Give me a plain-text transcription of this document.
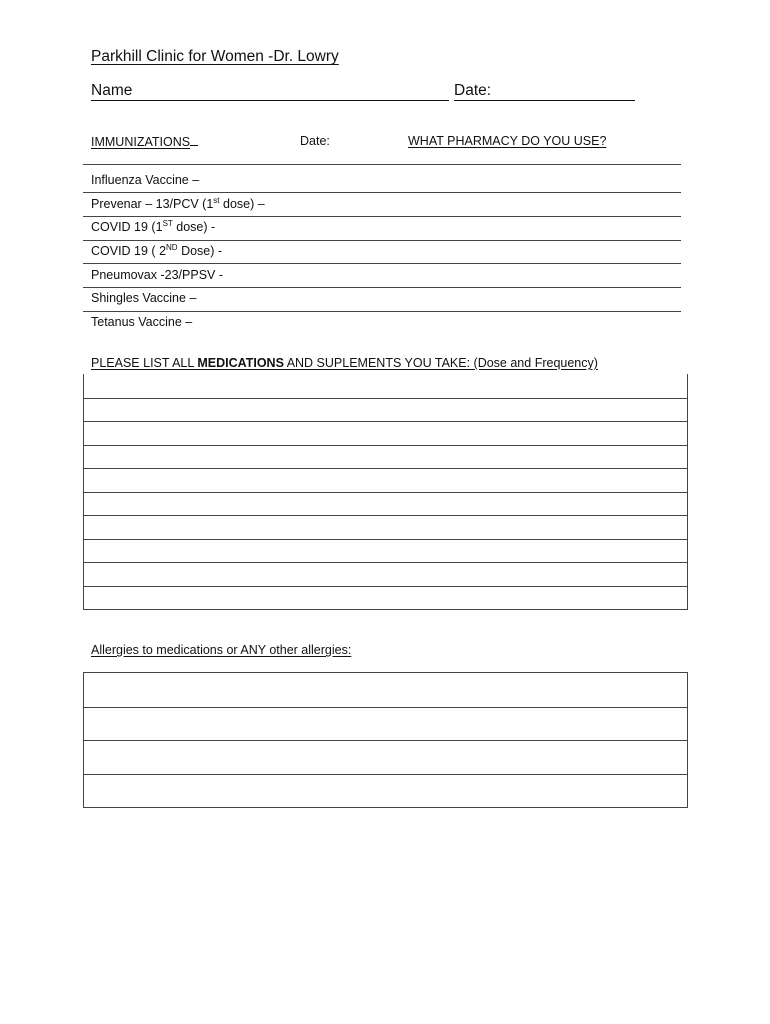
Parkhill Clinic for Women -Dr. Lowry
Name	Date:
IMMUNIZATIONS	Date:	WHAT PHARMACY DO YOU USE?
Influenza Vaccine –
Prevenar – 13/PCV (1st dose) –
COVID 19 (1ST dose) -
COVID 19 ( 2ND Dose) -
Pneumovax -23/PPSV -
Shingles Vaccine –
Tetanus Vaccine –
PLEASE LIST ALL MEDICATIONS AND SUPLEMENTS YOU TAKE: (Dose and Frequency)
Allergies to medications or ANY other allergies:
